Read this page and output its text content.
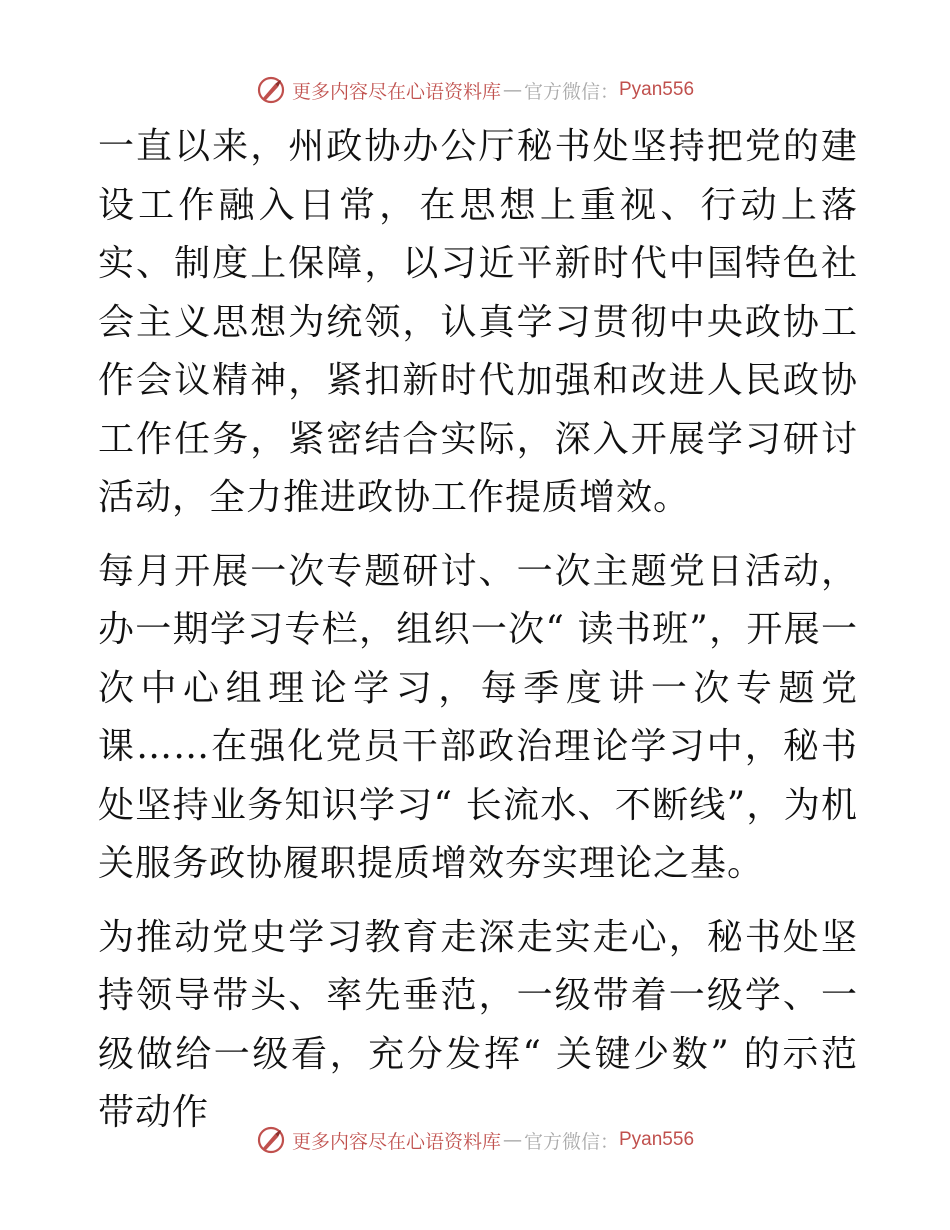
更多内容尽在心语资料库 — 官方微信： Pyan556

一直以来，州政协办公厅秘书处坚持把党的建设工作融入日常，在思想上重视、行动上落实、制度上保障，以习近平新时代中国特色社会主义思想为统领，认真学习贯彻中央政协工作会议精神，紧扣新时代加强和改进人民政协工作任务，紧密结合实际，深入开展学习研讨活动，全力推进政协工作提质增效。

每月开展一次专题研讨、一次主题党日活动，办一期学习专栏，组织一次“ 读书班”，开展一次中心组理论学习，每季度讲一次专题党课……在强化党员干部政治理论学习中，秘书处坚持业务知识学习“ 长流水、不断线”，为机关服务政协履职提质增效夯实理论之基。

为推动党史学习教育走深走实走心，秘书处坚持领导带头、率先垂范，一级带着一级学、一级做给一级看，充分发挥“ 关键少数” 的示范带动作

更多内容尽在心语资料库 — 官方微信： Pyan556
